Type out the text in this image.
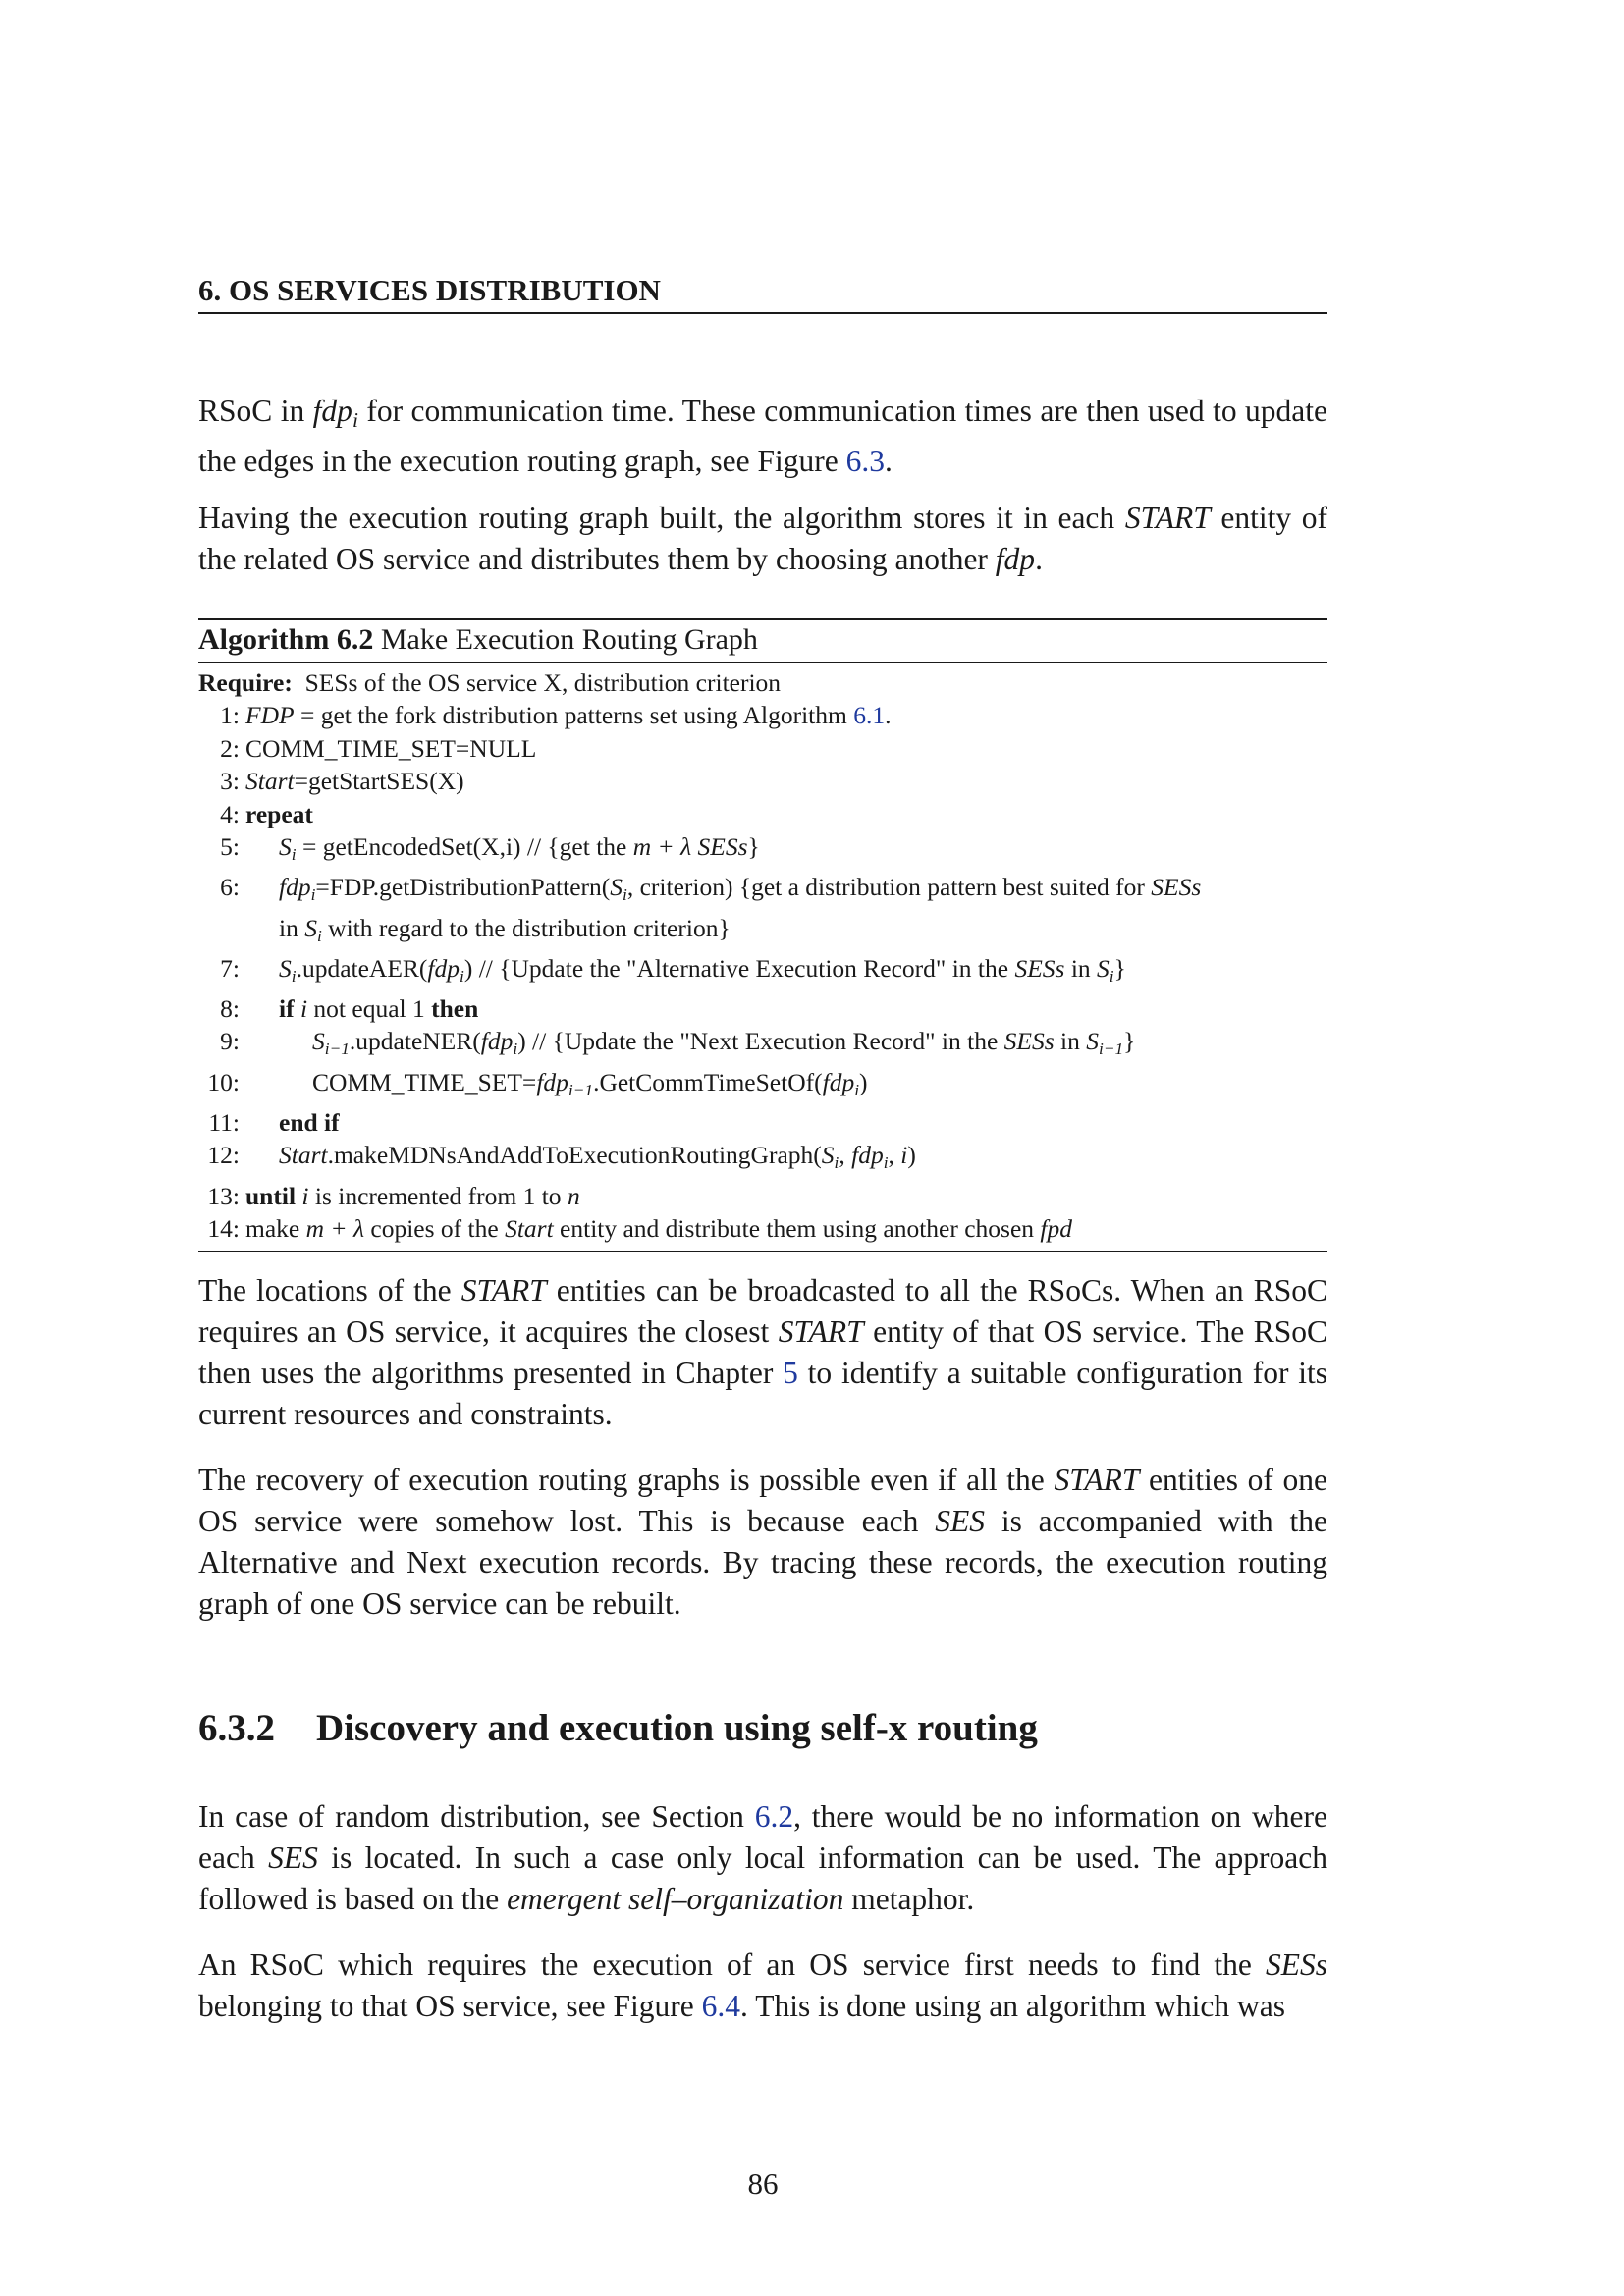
6. OS SERVICES DISTRIBUTION

RSoC in fdp$_i$ for communication time. These communication times are then used to update the edges in the execution routing graph, see Figure 6.3.

Having the execution routing graph built, the algorithm stores it in each START entity of the related OS service and distributes them by choosing another fdp.

Algorithm 6.2 Make Execution Routing Graph
Require: SESs of the OS service X, distribution criterion
1: FDP = get the fork distribution patterns set using Algorithm 6.1.
2: COMM_TIME_SET=NULL
3: Start=getStartSES(X)
4: repeat
5: $S_i$ = getEncodedSet(X,i) // {get the m + λ SESs}
6: $fdp_i=FDP.getDistributionPattern(S_i$, criterion) {get a distribution pattern best suited for SESs
in $S_i$ with regard to the distribution criterion}
7: $S_i.updateAER(fdp_i)$ // {Update the "Alternative Execution Record" in the SESs in $S_i$}
8: if i not equal 1 then
9:	$S_{i-1}.updateNER(fdp_i)$ // {Update the "Next Execution Record" in the SESs in $S_{i-1}$}
10:	COMM_TIME_SET=fdp$_{i-1}$.GetCommTimeSetOf(fdp$_i$)
11: end if
12: $Start.makeMDNsAndAddToExecutionRoutingGraph(S_i$, fdp$_i$, i)
13: until i is incremented from 1 to n
14: make m + λ copies of the Start entity and distribute them using another chosen fpd

The locations of the START entities can be broadcasted to all the RSoCs. When an RSoC requires an OS service, it acquires the closest START entity of that OS service. The RSoC then uses the algorithms presented in Chapter 5 to identify a suitable configuration for its current resources and constraints.

The recovery of execution routing graphs is possible even if all the START entities of one OS service were somehow lost. This is because each SES is accompanied with the Alternative and Next execution records. By tracing these records, the execution routing graph of one OS service can be rebuilt.

6.3.2 Discovery and execution using self-x routing

In case of random distribution, see Section 6.2, there would be no information on where each SES is located. In such a case only local information can be used. The approach followed is based on the emergent self–organization metaphor.

An RSoC which requires the execution of an OS service first needs to find the SESs belonging to that OS service, see Figure 6.4. This is done using an algorithm which was

86
